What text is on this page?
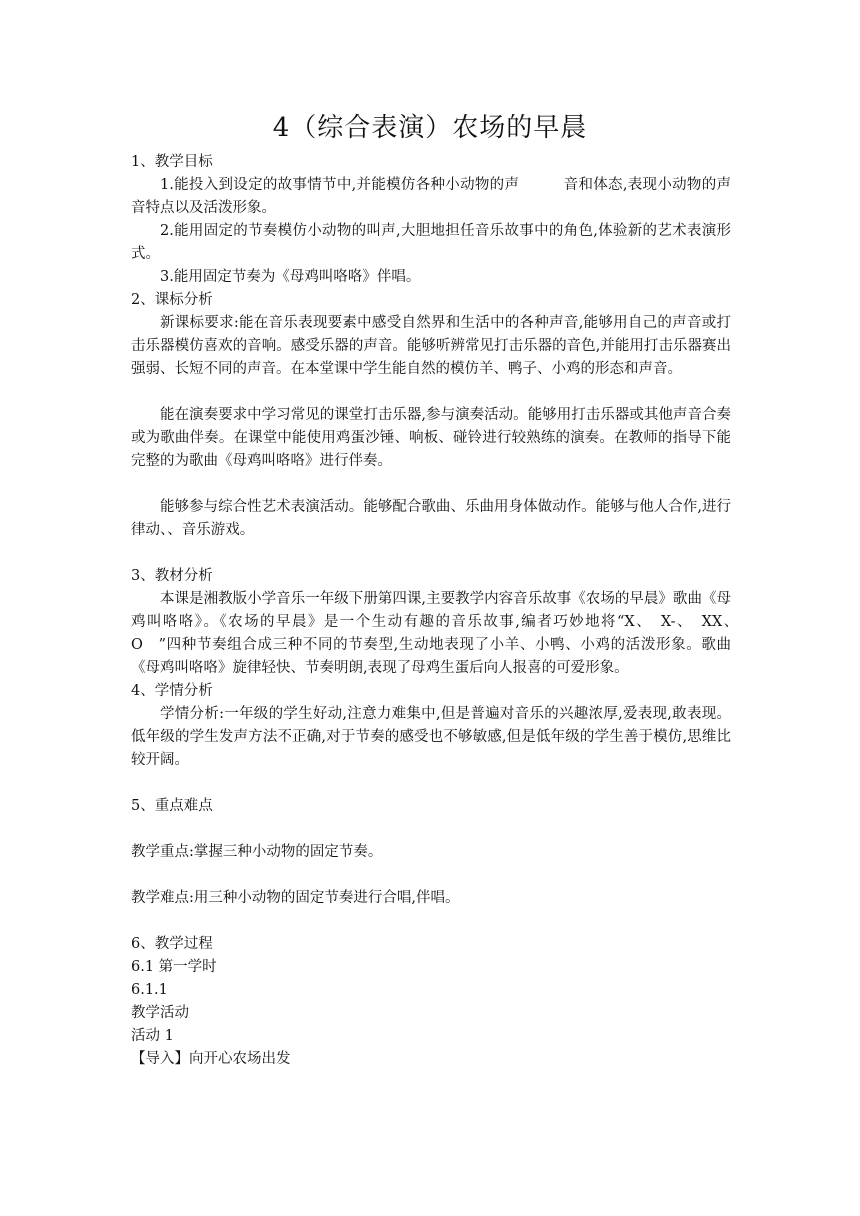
4（综合表演）农场的早晨

1、教学目标

1.能投入到设定的故事情节中,并能模仿各种小动物的声　　　音和体态,表现小动物的声音特点以及活泼形象。

2.能用固定的节奏模仿小动物的叫声,大胆地担任音乐故事中的角色,体验新的艺术表演形式。

3.能用固定节奏为《母鸡叫咯咯》伴唱。

2、课标分析

新课标要求:能在音乐表现要素中感受自然界和生活中的各种声音,能够用自己的声音或打击乐器模仿喜欢的音响。感受乐器的声音。能够听辨常见打击乐器的音色,并能用打击乐器赛出强弱、长短不同的声音。在本堂课中学生能自然的模仿羊、鸭子、小鸡的形态和声音。

能在演奏要求中学习常见的课堂打击乐器,参与演奏活动。能够用打击乐器或其他声音合奏或为歌曲伴奏。在课堂中能使用鸡蛋沙锤、响板、碰铃进行较熟练的演奏。在教师的指导下能完整的为歌曲《母鸡叫咯咯》进行伴奏。

能够参与综合性艺术表演活动。能够配合歌曲、乐曲用身体做动作。能够与他人合作,进行律动、、音乐游戏。

3、教材分析

本课是湘教版小学音乐一年级下册第四课,主要教学内容音乐故事《农场的早晨》歌曲《母鸡叫咯咯》。《农场的早晨》是一个生动有趣的音乐故事,编者巧妙地将“X、　X-、　XX、　O　”四种节奏组合成三种不同的节奏型,生动地表现了小羊、小鸭、小鸡的活泼形象。歌曲《母鸡叫咯咯》旋律轻快、节奏明朗,表现了母鸡生蛋后向人报喜的可爱形象。

4、学情分析

学情分析:一年级的学生好动,注意力难集中,但是普遍对音乐的兴趣浓厚,爱表现,敢表现。低年级的学生发声方法不正确,对于节奏的感受也不够敏感,但是低年级的学生善于模仿,思维比较开阔。

5、重点难点

教学重点:掌握三种小动物的固定节奏。

教学难点:用三种小动物的固定节奏进行合唱,伴唱。

6、教学过程

6.1 第一学时

6.1.1

教学活动

活动 1

【导入】向开心农场出发
